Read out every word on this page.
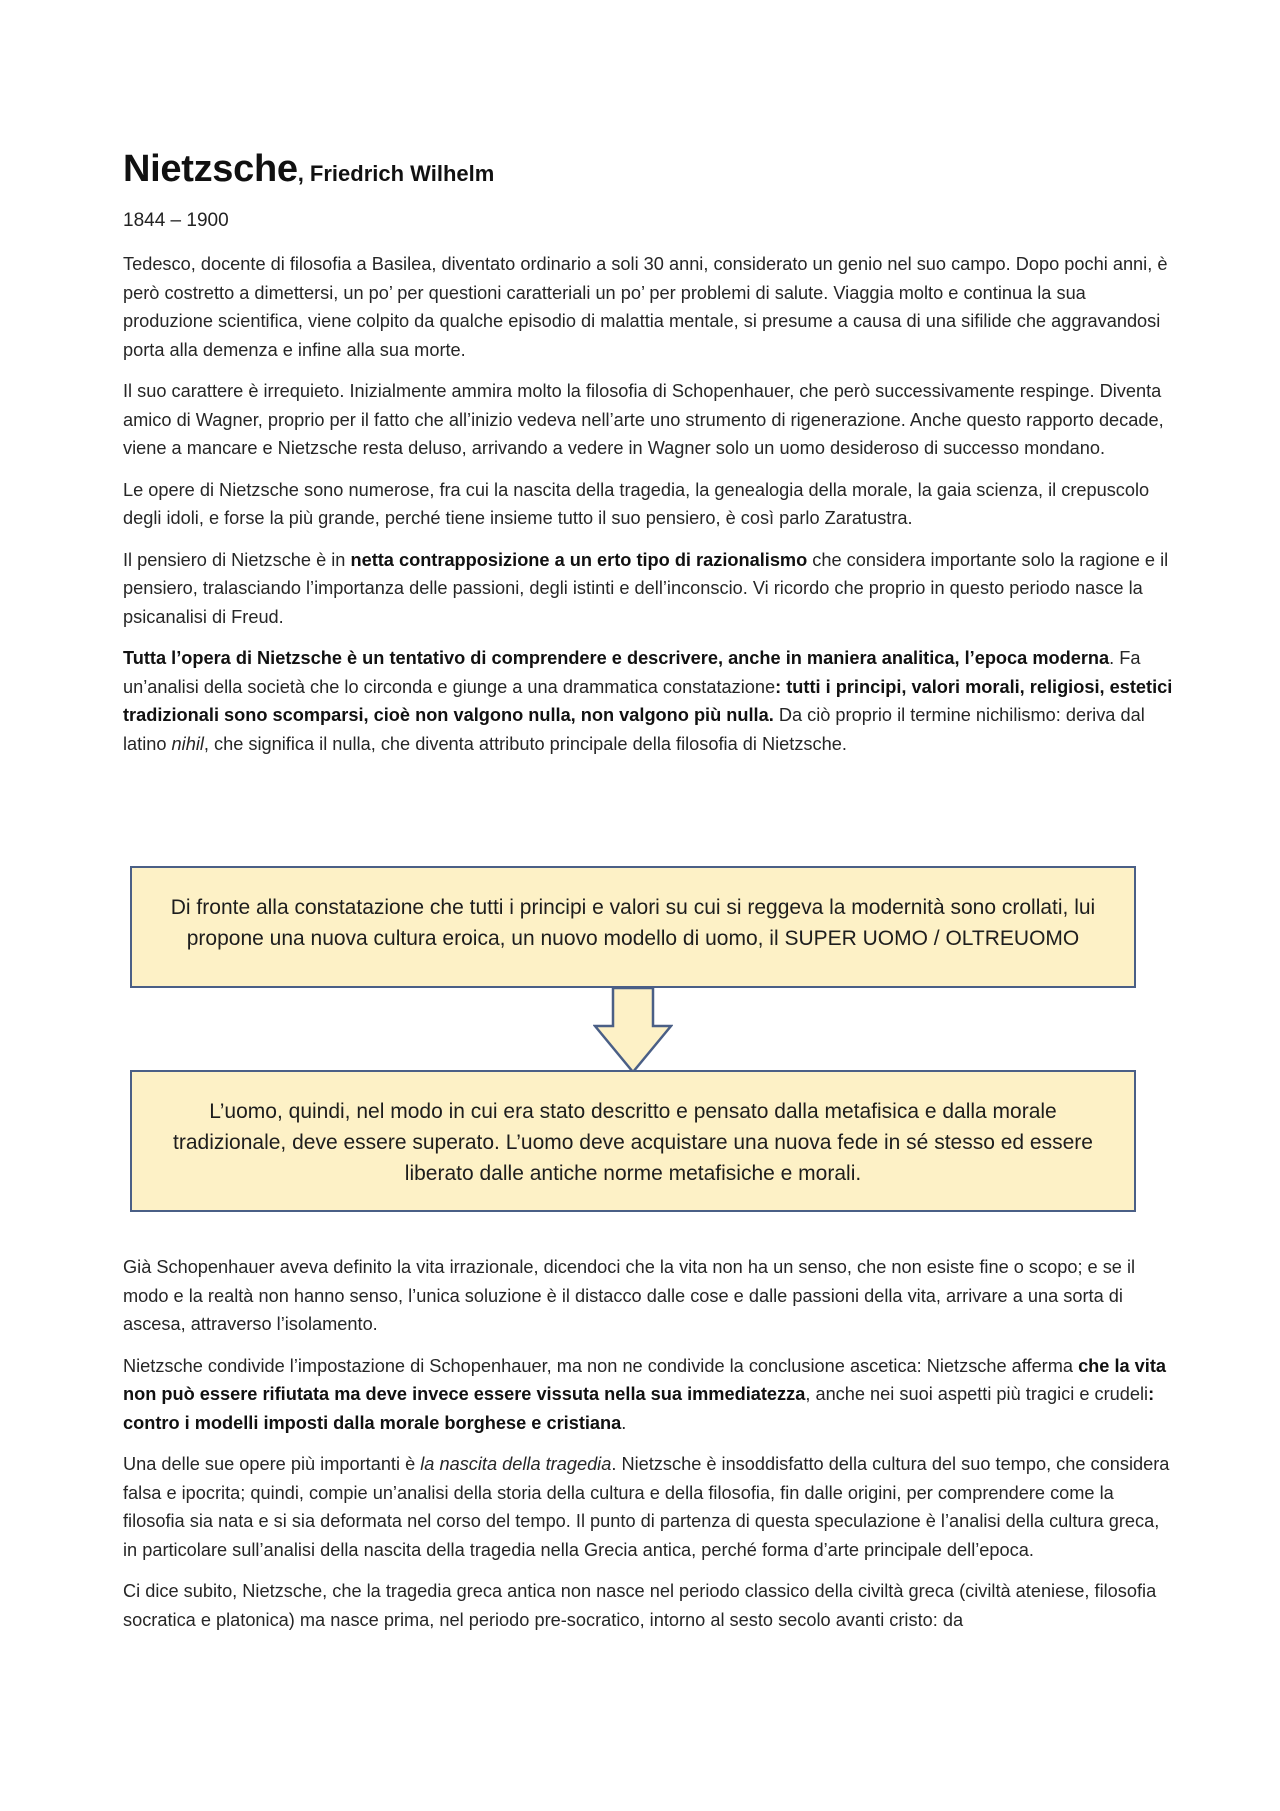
Nietzsche, Friedrich Wilhelm
1844 – 1900

Tedesco, docente di filosofia a Basilea, diventato ordinario a soli 30 anni, considerato un genio nel suo campo. Dopo pochi anni, è però costretto a dimettersi, un po’ per questioni caratteriali un po’ per problemi di salute. Viaggia molto e continua la sua produzione scientifica, viene colpito da qualche episodio di malattia mentale, si presume a causa di una sifilide che aggravandosi porta alla demenza e infine alla sua morte.

Il suo carattere è irrequieto. Inizialmente ammira molto la filosofia di Schopenhauer, che però successivamente respinge. Diventa amico di Wagner, proprio per il fatto che all’inizio vedeva nell’arte uno strumento di rigenerazione. Anche questo rapporto decade, viene a mancare e Nietzsche resta deluso, arrivando a vedere in Wagner solo un uomo desideroso di successo mondano.

Le opere di Nietzsche sono numerose, fra cui la nascita della tragedia, la genealogia della morale, la gaia scienza, il crepuscolo degli idoli, e forse la più grande, perché tiene insieme tutto il suo pensiero, è così parlo Zaratustra.

Il pensiero di Nietzsche è in netta contrapposizione a un erto tipo di razionalismo che considera importante solo la ragione e il pensiero, tralasciando l’importanza delle passioni, degli istinti e dell’inconscio. Vi ricordo che proprio in questo periodo nasce la psicanalisi di Freud.

Tutta l’opera di Nietzsche è un tentativo di comprendere e descrivere, anche in maniera analitica, l’epoca moderna. Fa un’analisi della società che lo circonda e giunge a una drammatica constatazione: tutti i principi, valori morali, religiosi, estetici tradizionali sono scomparsi, cioè non valgono nulla, non valgono più nulla. Da ciò proprio il termine nichilismo: deriva dal latino nihil, che significa il nulla, che diventa attributo principale della filosofia di Nietzsche.

Di fronte alla constatazione che tutti i principi e valori su cui si reggeva la modernità sono crollati, lui propone una nuova cultura eroica, un nuovo modello di uomo, il SUPER UOMO / OLTREUOMO
L’uomo, quindi, nel modo in cui era stato descritto e pensato dalla metafisica e dalla morale tradizionale, deve essere superato. L’uomo deve acquistare una nuova fede in sé stesso ed essere liberato dalle antiche norme metafisiche e morali.

Già Schopenhauer aveva definito la vita irrazionale, dicendoci che la vita non ha un senso, che non esiste fine o scopo; e se il modo e la realtà non hanno senso, l’unica soluzione è il distacco dalle cose e dalle passioni della vita, arrivare a una sorta di ascesa, attraverso l’isolamento.

Nietzsche condivide l’impostazione di Schopenhauer, ma non ne condivide la conclusione ascetica: Nietzsche afferma che la vita non può essere rifiutata ma deve invece essere vissuta nella sua immediatezza, anche nei suoi aspetti più tragici e crudeli: contro i modelli imposti dalla morale borghese e cristiana.

Una delle sue opere più importanti è la nascita della tragedia. Nietzsche è insoddisfatto della cultura del suo tempo, che considera falsa e ipocrita; quindi, compie un’analisi della storia della cultura e della filosofia, fin dalle origini, per comprendere come la filosofia sia nata e si sia deformata nel corso del tempo. Il punto di partenza di questa speculazione è l’analisi della cultura greca, in particolare sull’analisi della nascita della tragedia nella Grecia antica, perché forma d’arte principale dell’epoca.

Ci dice subito, Nietzsche, che la tragedia greca antica non nasce nel periodo classico della civiltà greca (civiltà ateniese, filosofia socratica e platonica) ma nasce prima, nel periodo pre-socratico, intorno al sesto secolo avanti cristo: da
